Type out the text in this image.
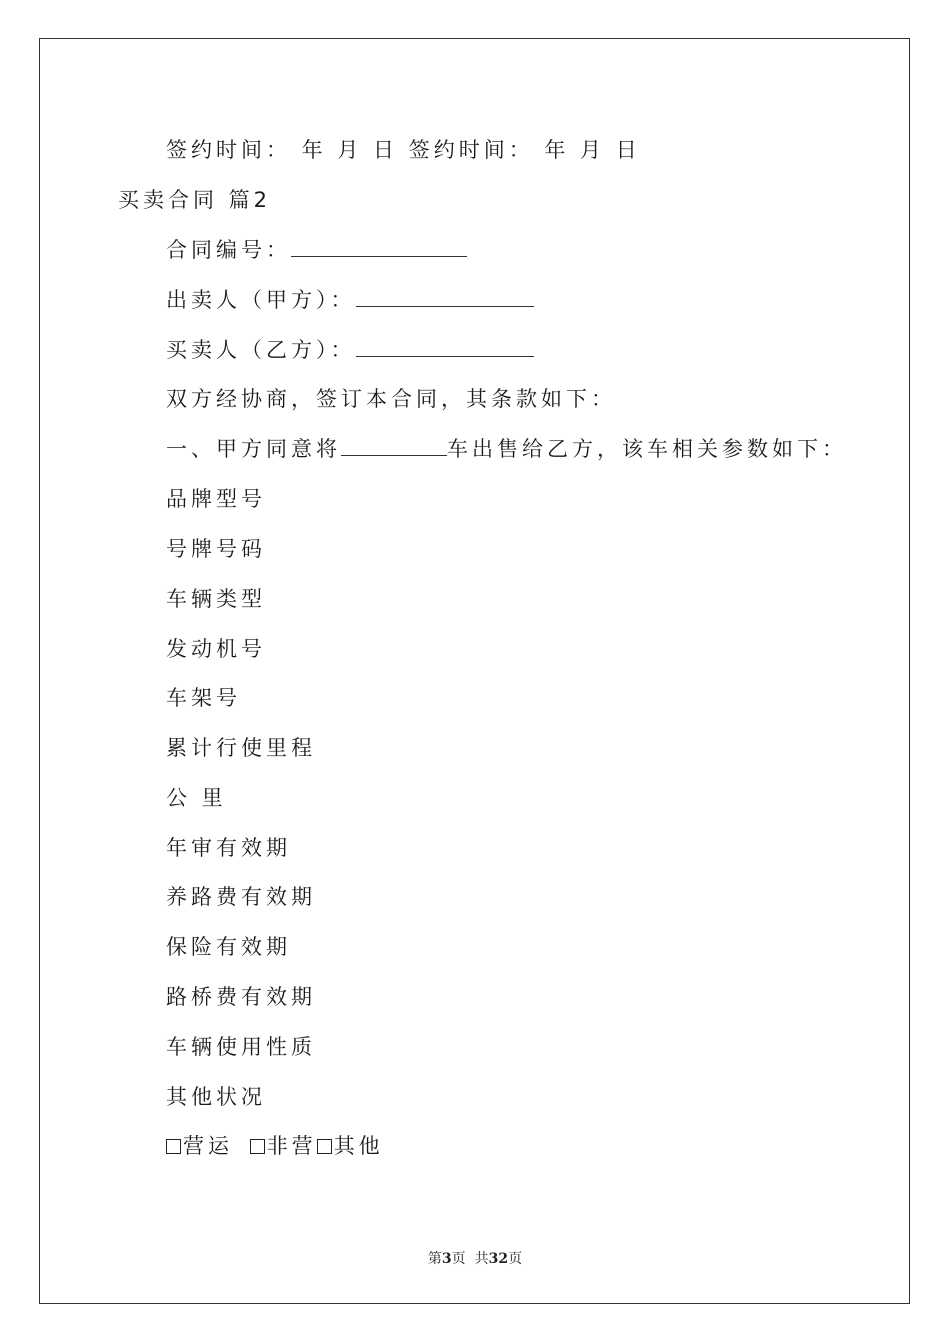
签约时间： 年 月 日 签约时间： 年 月 日
买卖合同 篇2
合同编号：
出卖人（甲方）：
买卖人（乙方）：
双方经协商，签订本合同，其条款如下：
一、甲方同意将	车出售给乙方，该车相关参数如下：
品牌型号
号牌号码
车辆类型
发动机号
车架号
累计行使里程
公 里
年审有效期
养路费有效期
保险有效期
路桥费有效期
车辆使用性质
其他状况
营运 非营 其他
第3页  共32页
